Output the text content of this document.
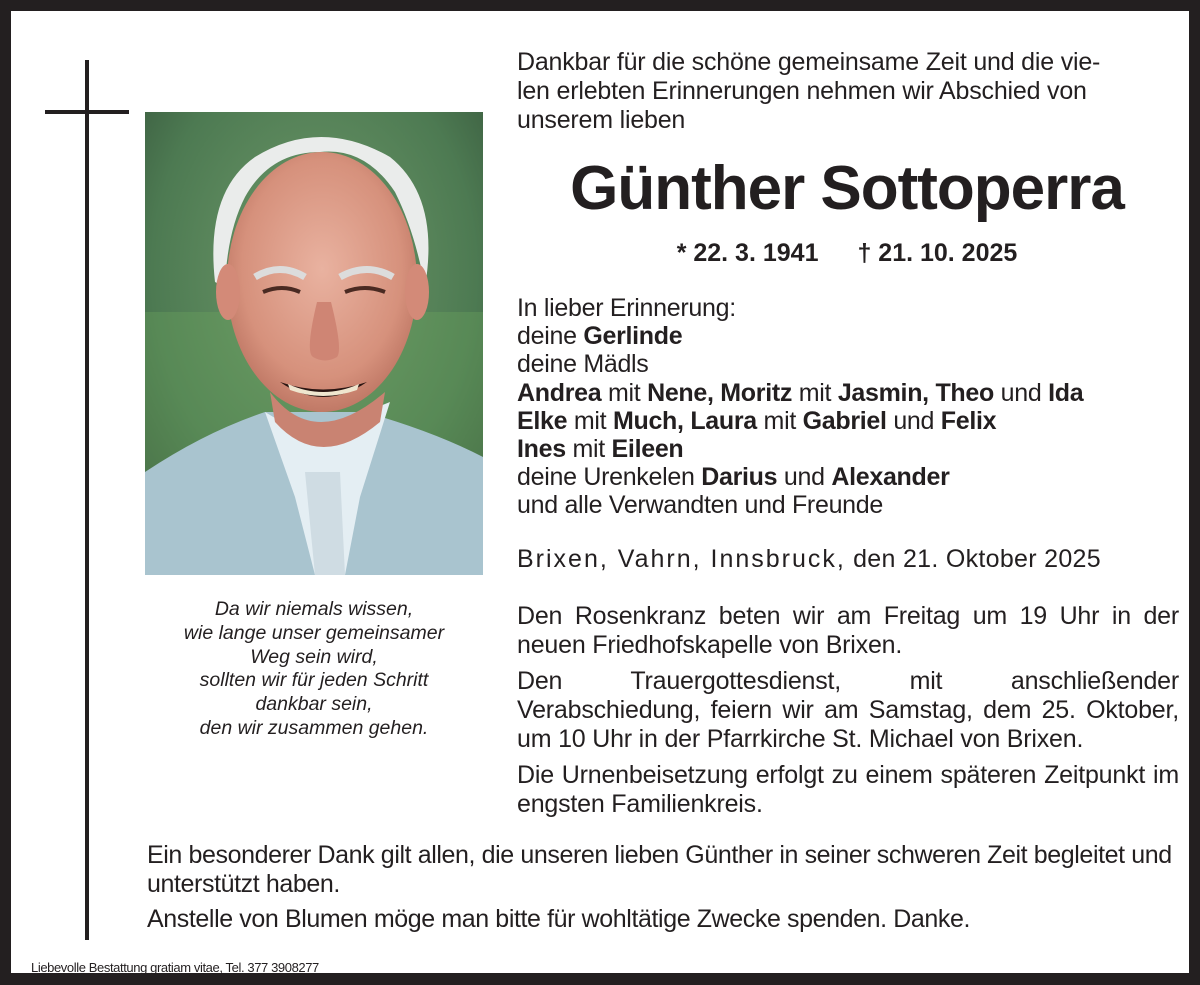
Dankbar für die schöne gemeinsame Zeit und die vie-
len erlebten Erinnerungen nehmen wir Abschied von
unserem lieben
Günther Sottoperra
* 22. 3. 1941 † 21. 10. 2025
In lieber Erinnerung:
deine Gerlinde
deine Mädls
Andrea mit Nene, Moritz mit Jasmin, Theo und Ida
Elke mit Much, Laura mit Gabriel und Felix
Ines mit Eileen
deine Urenkelen Darius und Alexander
und alle Verwandten und Freunde
Brixen, Vahrn, Innsbruck, den 21. Oktober 2025

Den Rosenkranz beten wir am Freitag um 19 Uhr in der neuen Friedhofskapelle von Brixen.

Den Trauergottesdienst, mit anschließender Verabschiedung, feiern wir am Samstag, dem 25. Oktober, um 10 Uhr in der Pfarrkirche St. Michael von Brixen.

Die Urnenbeisetzung erfolgt zu einem späteren Zeitpunkt im engsten Familienkreis.

Da wir niemals wissen,
wie lange unser gemeinsamer
Weg sein wird,
sollten wir für jeden Schritt
dankbar sein,
den wir zusammen gehen.

Ein besonderer Dank gilt allen, die unseren lieben Günther in seiner schweren Zeit begleitet und unterstützt haben.

Anstelle von Blumen möge man bitte für wohltätige Zwecke spenden. Danke.

Liebevolle Bestattung gratiam vitae, Tel. 377 3908277
